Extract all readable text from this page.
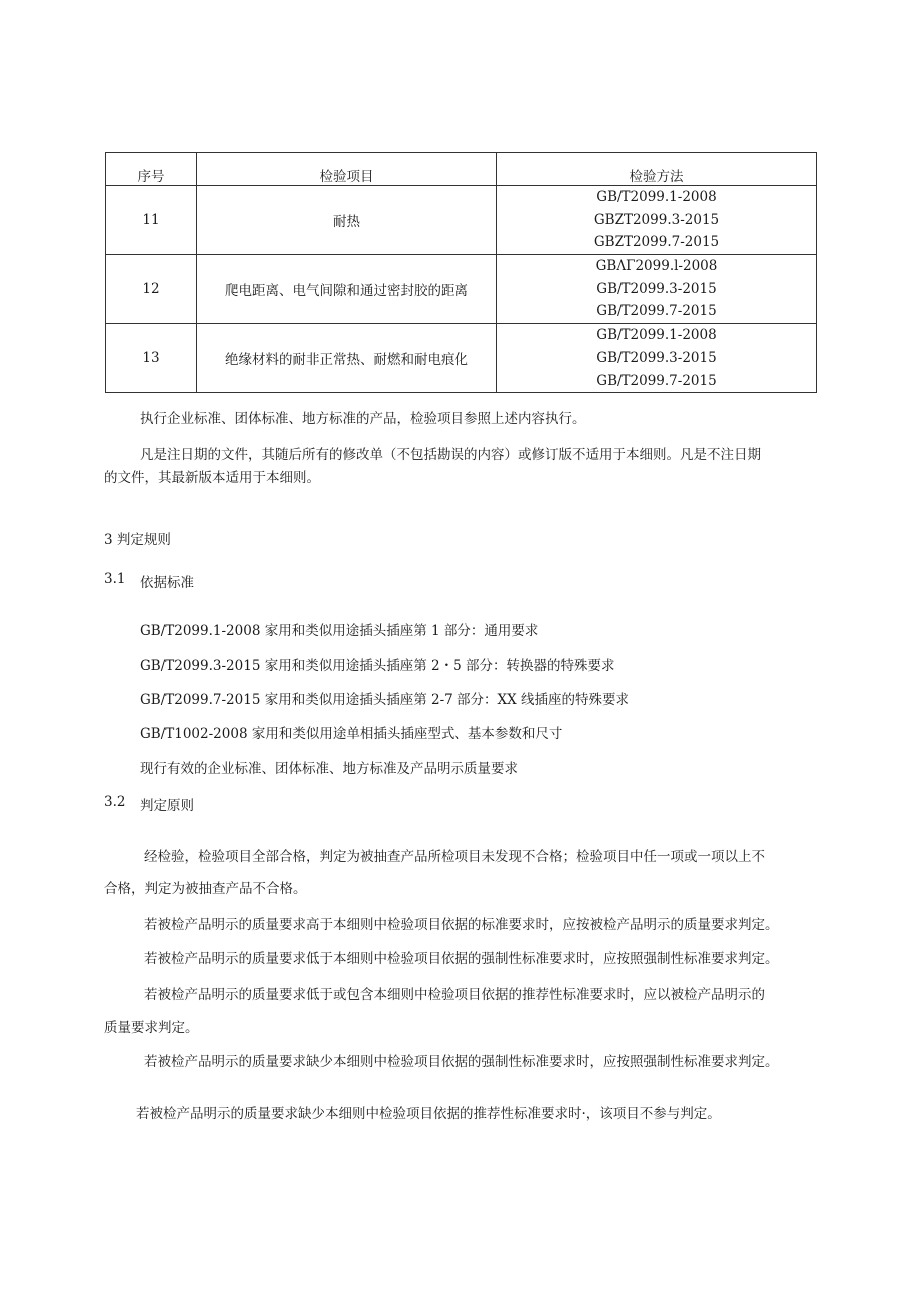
序号	检验项目	检验方法
11	耐热	GB/T2099.1-2008
GBZT2099.3-2015
GBZT2099.7-2015

12	爬电距离、电气间隙和通过密封胶的距离	GBΛΓ2099.l-2008
GB/T2099.3-2015
GB/T2099.7-2015

13	绝缘材料的耐非正常热、耐燃和耐电痕化	GB/T2099.1-2008
GB/T2099.3-2015
GB/T2099.7-2015
执行企业标准、团体标准、地方标准的产品，检验项目参照上述内容执行。
凡是注日期的文件，其随后所有的修改单（不包括勘误的内容）或修订版不适用于本细则。凡是不注日期
的文件，其最新版本适用于本细则。
3 判定规则
3.1 依据标准
GB/T2099.1-2008 家用和类似用途插头插座第 1 部分：通用要求
GB/T2099.3-2015 家用和类似用途插头插座第 2・5 部分：转换器的特殊要求
GB/T2099.7-2015 家用和类似用途插头插座第 2-7 部分：XX 线插座的特殊要求
GB/T1002-2008 家用和类似用途单相插头插座型式、基本参数和尺寸
现行有效的企业标准、团体标准、地方标准及产品明示质量要求
3.2 判定原则
经检验，检验项目全部合格，判定为被抽查产品所检项目未发现不合格；检验项目中任一项或一项以上不
合格，判定为被抽查产品不合格。
若被检产品明示的质量要求高于本细则中检验项目依据的标准要求时，应按被检产品明示的质量要求判定。
若被检产品明示的质量要求低于本细则中检验项目依据的强制性标准要求时，应按照强制性标准要求判定。
若被检产品明示的质量要求低于或包含本细则中检验项目依据的推荐性标准要求时，应以被检产品明示的
质量要求判定。
若被检产品明示的质量要求缺少本细则中检验项目依据的强制性标准要求时，应按照强制性标准要求判定。
若被检产品明示的质量要求缺少本细则中检验项目依据的推荐性标准要求时·，该项目不参与判定。
